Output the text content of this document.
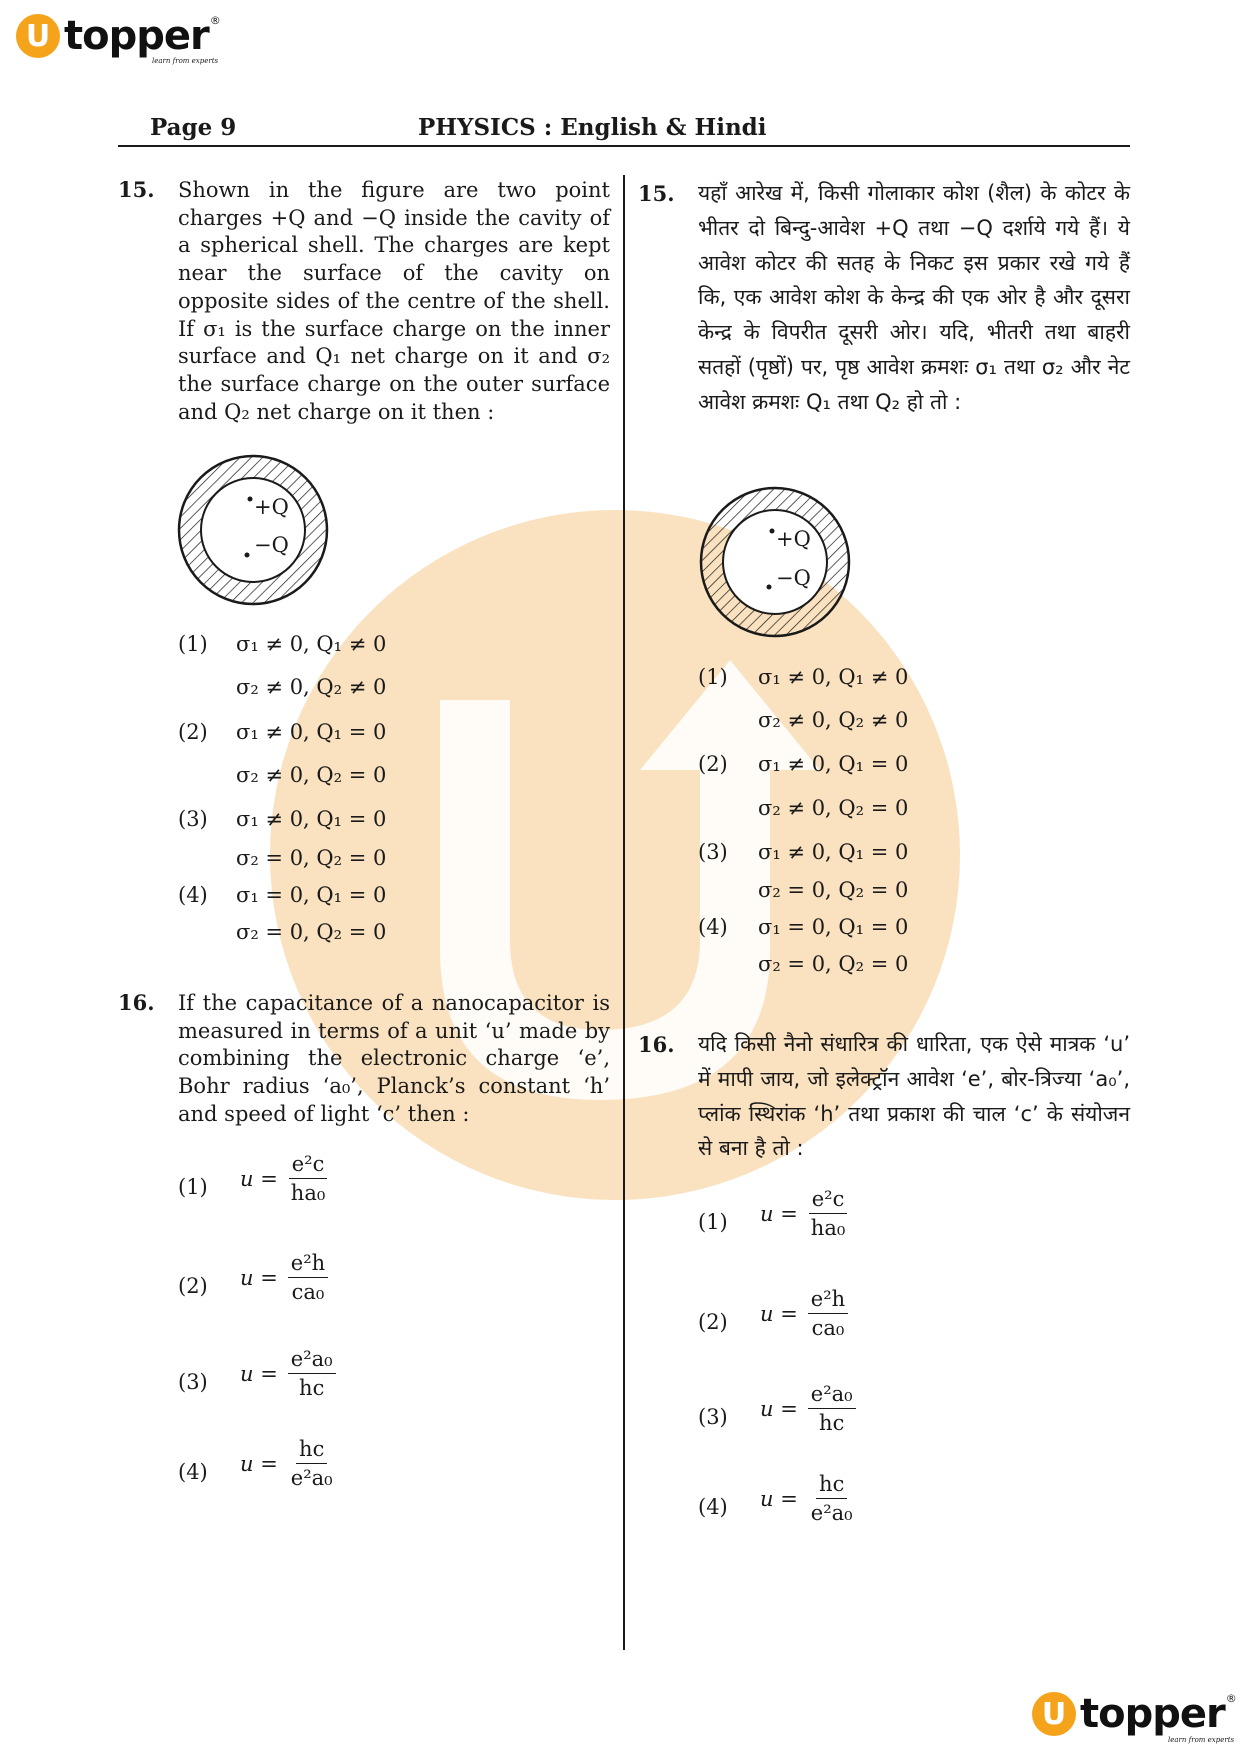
U topper ®
learn from experts
Page 9	PHYSICS : English & Hindi
15. Shown in the figure are two point charges +Q and −Q inside the cavity of a spherical shell. The charges are kept near the surface of the cavity on opposite sides of the centre of the shell. If σ₁ is the surface charge on the inner surface and Q₁ net charge on it and σ₂ the surface charge on the outer surface and Q₂ net charge on it then :
+Q
−Q
(1) σ₁ ≠ 0, Q₁ ≠ 0
σ₂ ≠ 0, Q₂ ≠ 0
(2) σ₁ ≠ 0, Q₁ = 0
σ₂ ≠ 0, Q₂ = 0
(3) σ₁ ≠ 0, Q₁ = 0
σ₂ = 0, Q₂ = 0
(4) σ₁ = 0, Q₁ = 0
σ₂ = 0, Q₂ = 0
16. If the capacitance of a nanocapacitor is measured in terms of a unit ‘u’ made by combining the electronic charge ‘e’, Bohr radius ‘a₀’, Planck’s constant ‘h’ and speed of light ‘c’ then :
(1) $u = \frac{\text{e²c}}{\text{ha₀}}$
(2) $u = \frac{\text{e²h}}{\text{ca₀}}$
(3) $u = \frac{\text{e²a₀}}{hc}$
(4) $u = \frac{hc}{\text{e²a₀}}$
15. यहाँ आरेख में, किसी गोलाकार कोश (शैल) के कोटर के भीतर दो बिन्दु-आवेश +Q तथा −Q दर्शाये गये हैं। ये आवेश कोटर की सतह के निकट इस प्रकार रखे गये हैं कि, एक आवेश कोश के केन्द्र की एक ओर है और दूसरा केन्द्र के विपरीत दूसरी ओर। यदि, भीतरी तथा बाहरी सतहों (पृष्ठों) पर, पृष्ठ आवेश क्रमशः σ₁ तथा σ₂ और नेट आवेश क्रमशः Q₁ तथा Q₂ हो तो :
+Q
−Q
(1) σ₁ ≠ 0, Q₁ ≠ 0
σ₂ ≠ 0, Q₂ ≠ 0
(2) σ₁ ≠ 0, Q₁ = 0
σ₂ ≠ 0, Q₂ = 0
(3) σ₁ ≠ 0, Q₁ = 0
σ₂ = 0, Q₂ = 0
(4) σ₁ = 0, Q₁ = 0
σ₂ = 0, Q₂ = 0
16. यदि किसी नैनो संधारित्र की धारिता, एक ऐसे मात्रक ‘u’ में मापी जाय, जो इलेक्ट्रॉन आवेश ‘e’, बोर-त्रिज्या ‘a₀’, प्लांक स्थिरांक ‘h’ तथा प्रकाश की चाल ‘c’ के संयोजन से बना है तो :
(1) $u = \frac{\text{e²c}}{\text{ha₀}}$
(2) $u = \frac{\text{e²h}}{\text{ca₀}}$
(3) $u = \frac{\text{e²a₀}}{hc}$
(4) $u = \frac{hc}{\text{e²a₀}}$
U topper ®
learn from experts
